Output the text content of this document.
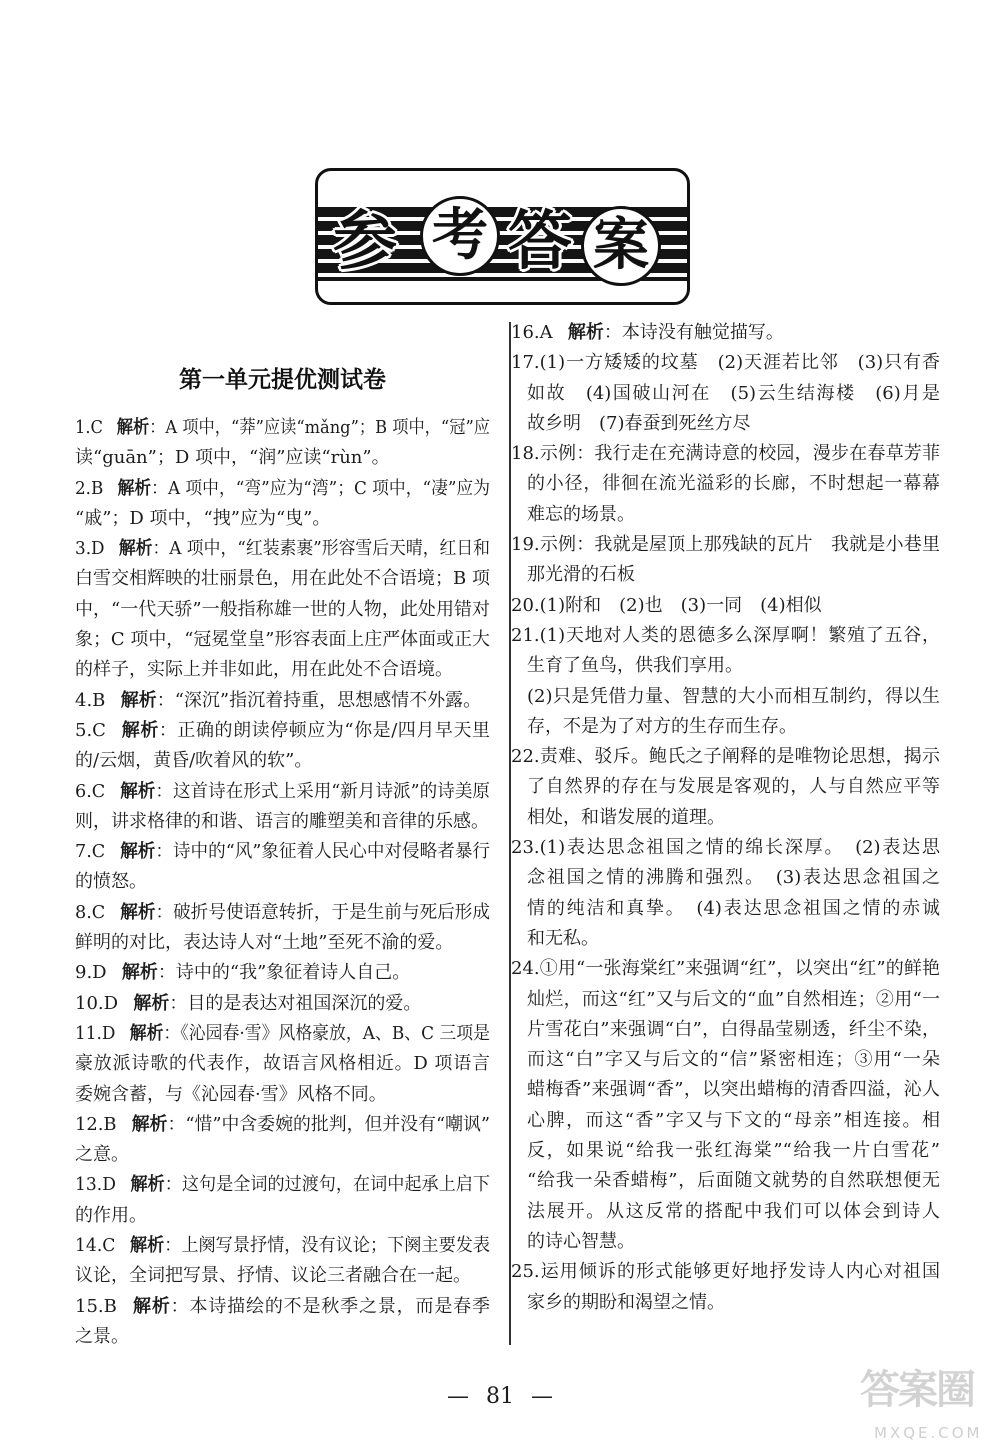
参 考 答 案
第一单元提优测试卷
1.C 解析：A 项中，“莽”应读“mǎng”；B 项中，“冠”应
读“guān”；D 项中，“润”应读“rùn”。
2.B 解析：A 项中，“弯”应为“湾”；C 项中，“凄”应为
“戚”；D 项中，“拽”应为“曳”。
3.D 解析：A 项中，“红装素裹”形容雪后天晴，红日和
白雪交相辉映的壮丽景色，用在此处不合语境；B 项
中，“一代天骄”一般指称雄一世的人物，此处用错对
象；C 项中，“冠冕堂皇”形容表面上庄严体面或正大
的样子，实际上并非如此，用在此处不合语境。
4.B 解析：“深沉”指沉着持重，思想感情不外露。
5.C 解析：正确的朗读停顿应为“你是/四月早天里
的/云烟，黄昏/吹着风的软”。
6.C 解析：这首诗在形式上采用“新月诗派”的诗美原
则，讲求格律的和谐、语言的雕塑美和音律的乐感。
7.C 解析：诗中的“风”象征着人民心中对侵略者暴行
的愤怒。
8.C 解析：破折号使语意转折，于是生前与死后形成
鲜明的对比，表达诗人对“土地”至死不渝的爱。
9.D 解析：诗中的“我”象征着诗人自己。
10.D 解析：目的是表达对祖国深沉的爱。
11.D 解析：《沁园春·雪》风格豪放，A、B、C 三项是
豪放派诗歌的代表作，故语言风格相近。D 项语言
委婉含蓄，与《沁园春·雪》风格不同。
12.B 解析：“惜”中含委婉的批判，但并没有“嘲讽”
之意。
13.D 解析：这句是全词的过渡句，在词中起承上启下
的作用。
14.C 解析：上阕写景抒情，没有议论；下阕主要发表
议论，全词把写景、抒情、议论三者融合在一起。
15.B 解析：本诗描绘的不是秋季之景，而是春季
之景。
16.A 解析：本诗没有触觉描写。
17.(1)一方矮矮的坟墓　(2)天涯若比邻　(3)只有香
如故　(4)国破山河在　(5)云生结海楼　(6)月是
故乡明　(7)春蚕到死丝方尽
18.示例：我行走在充满诗意的校园，漫步在春草芳菲
的小径，徘徊在流光溢彩的长廊，不时想起一幕幕
难忘的场景。
19.示例：我就是屋顶上那残缺的瓦片　我就是小巷里
那光滑的石板
20.(1)附和　(2)也　(3)一同　(4)相似
21.(1)天地对人类的恩德多么深厚啊！繁殖了五谷，
生育了鱼鸟，供我们享用。
(2)只是凭借力量、智慧的大小而相互制约，得以生
存，不是为了对方的生存而生存。
22.责难、驳斥。鲍氏之子阐释的是唯物论思想，揭示
了自然界的存在与发展是客观的，人与自然应平等
相处，和谐发展的道理。
23.(1)表达思念祖国之情的绵长深厚。　(2)表达思
念祖国之情的沸腾和强烈。　(3)表达思念祖国之
情的纯洁和真挚。　(4)表达思念祖国之情的赤诚
和无私。
24.①用“一张海棠红”来强调“红”，以突出“红”的鲜艳
灿烂，而这“红”又与后文的“血”自然相连；②用“一
片雪花白”来强调“白”，白得晶莹剔透，纤尘不染，
而这“白”字又与后文的“信”紧密相连；③用“一朵
蜡梅香”来强调“香”，以突出蜡梅的清香四溢，沁人
心脾，而这“香”字又与下文的“母亲”相连接。相
反，如果说“给我一张红海棠”“给我一片白雪花”
“给我一朵香蜡梅”，后面随文就势的自然联想便无
法展开。从这反常的搭配中我们可以体会到诗人
的诗心智慧。
25.运用倾诉的形式能够更好地抒发诗人内心对祖国
家乡的期盼和渴望之情。
— 81 —	答案圈
MXQE.COM
